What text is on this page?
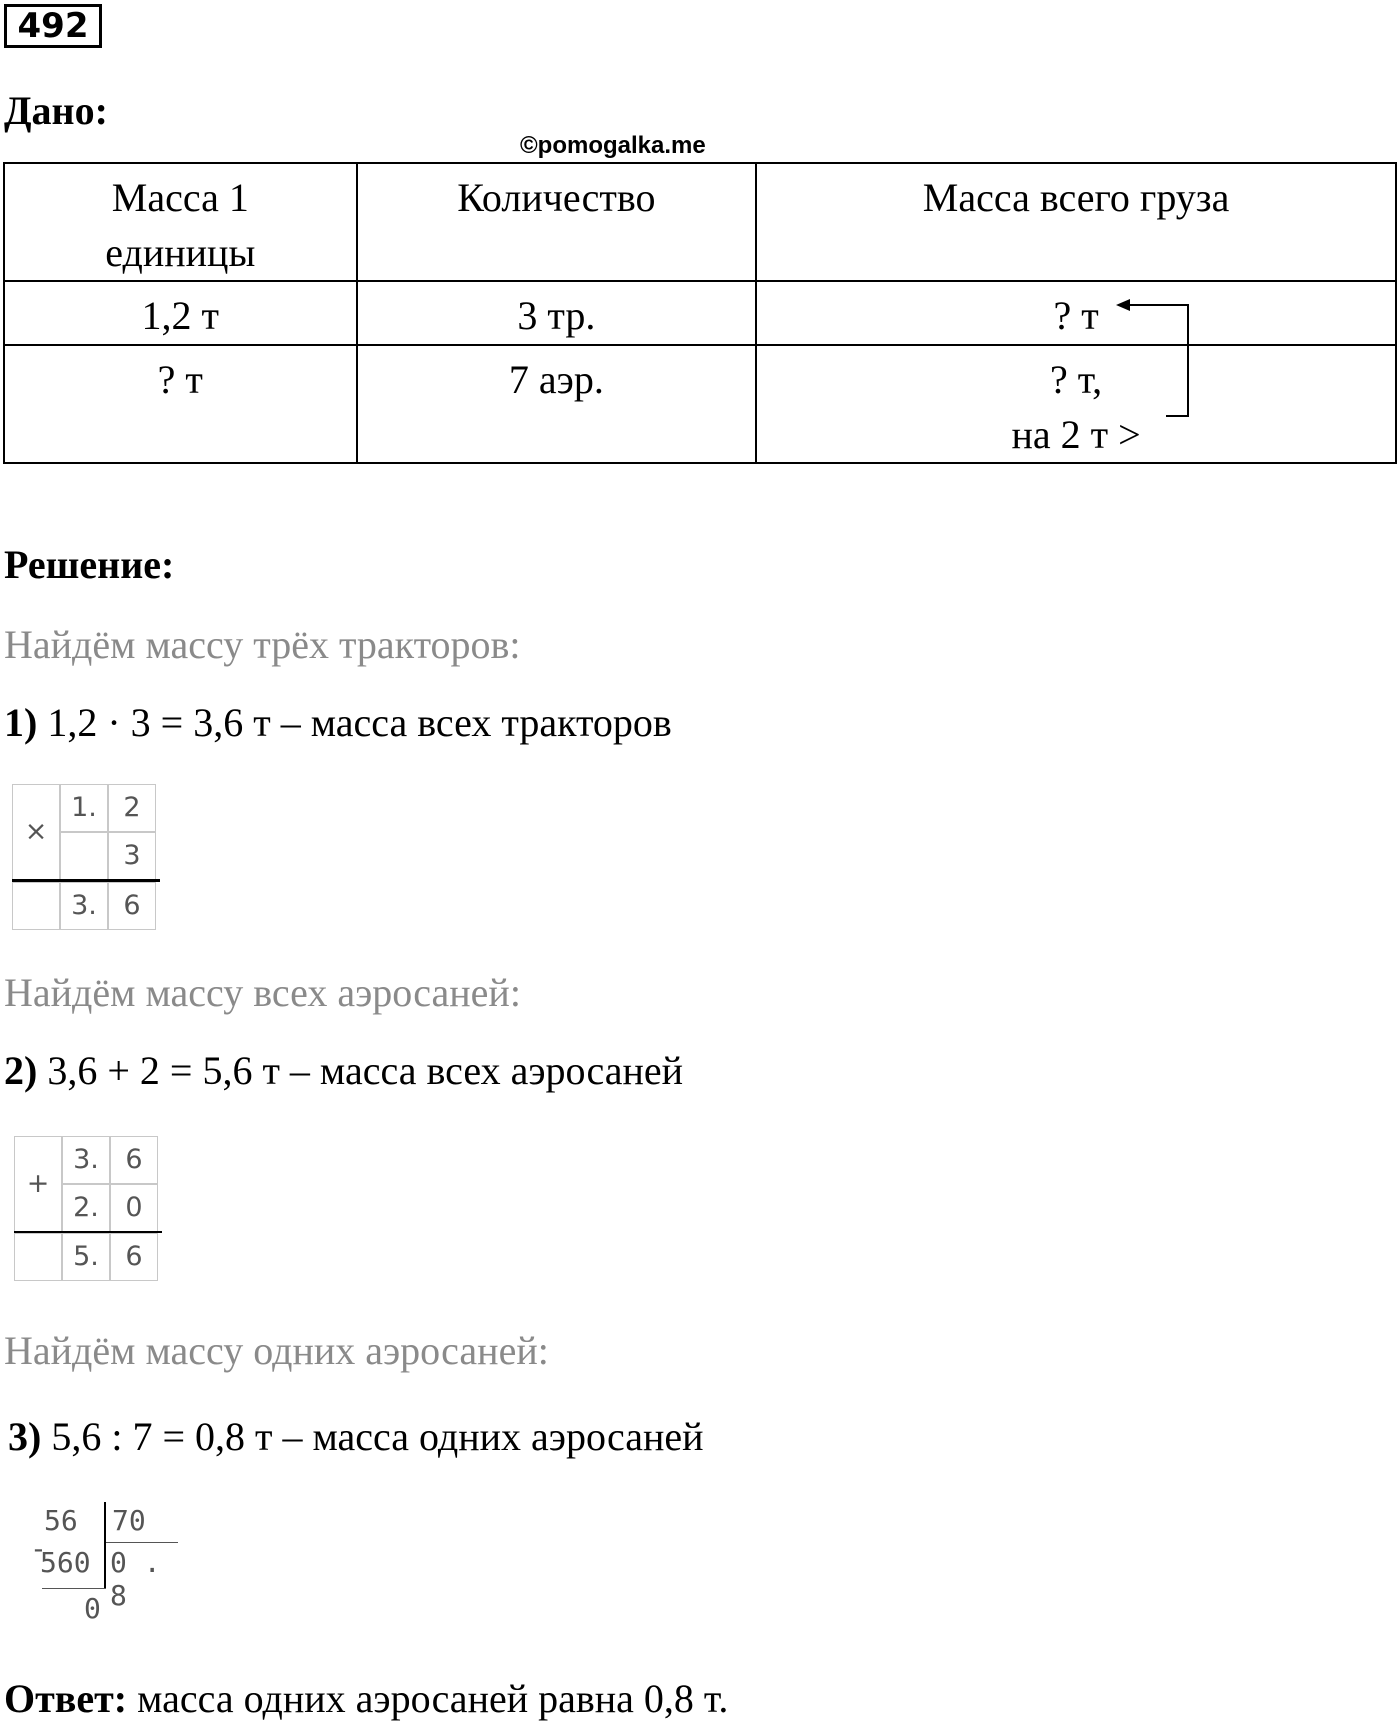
492
Дано:
©pomogalka.me
Масса 1
единицы	Количество	Масса всего груза
1,2 т	3 тр.	? т
? т	7 аэр.	? т,
на 2 т >
Решение:
Найдём массу трёх тракторов:
1) 1,2 · 3 = 3,6 т – масса всех тракторов
×
1. 2
3
3. 6
Найдём массу всех аэросаней:
2) 3,6 + 2 = 5,6 т – масса всех аэросаней
+
3. 6
2. 0
5. 6
Найдём массу одних аэросаней:
3) 5,6 : 7 = 0,8 т – масса одних аэросаней
56 70
-
560 0 . 8
0
Ответ: масса одних аэросаней равна 0,8 т.
